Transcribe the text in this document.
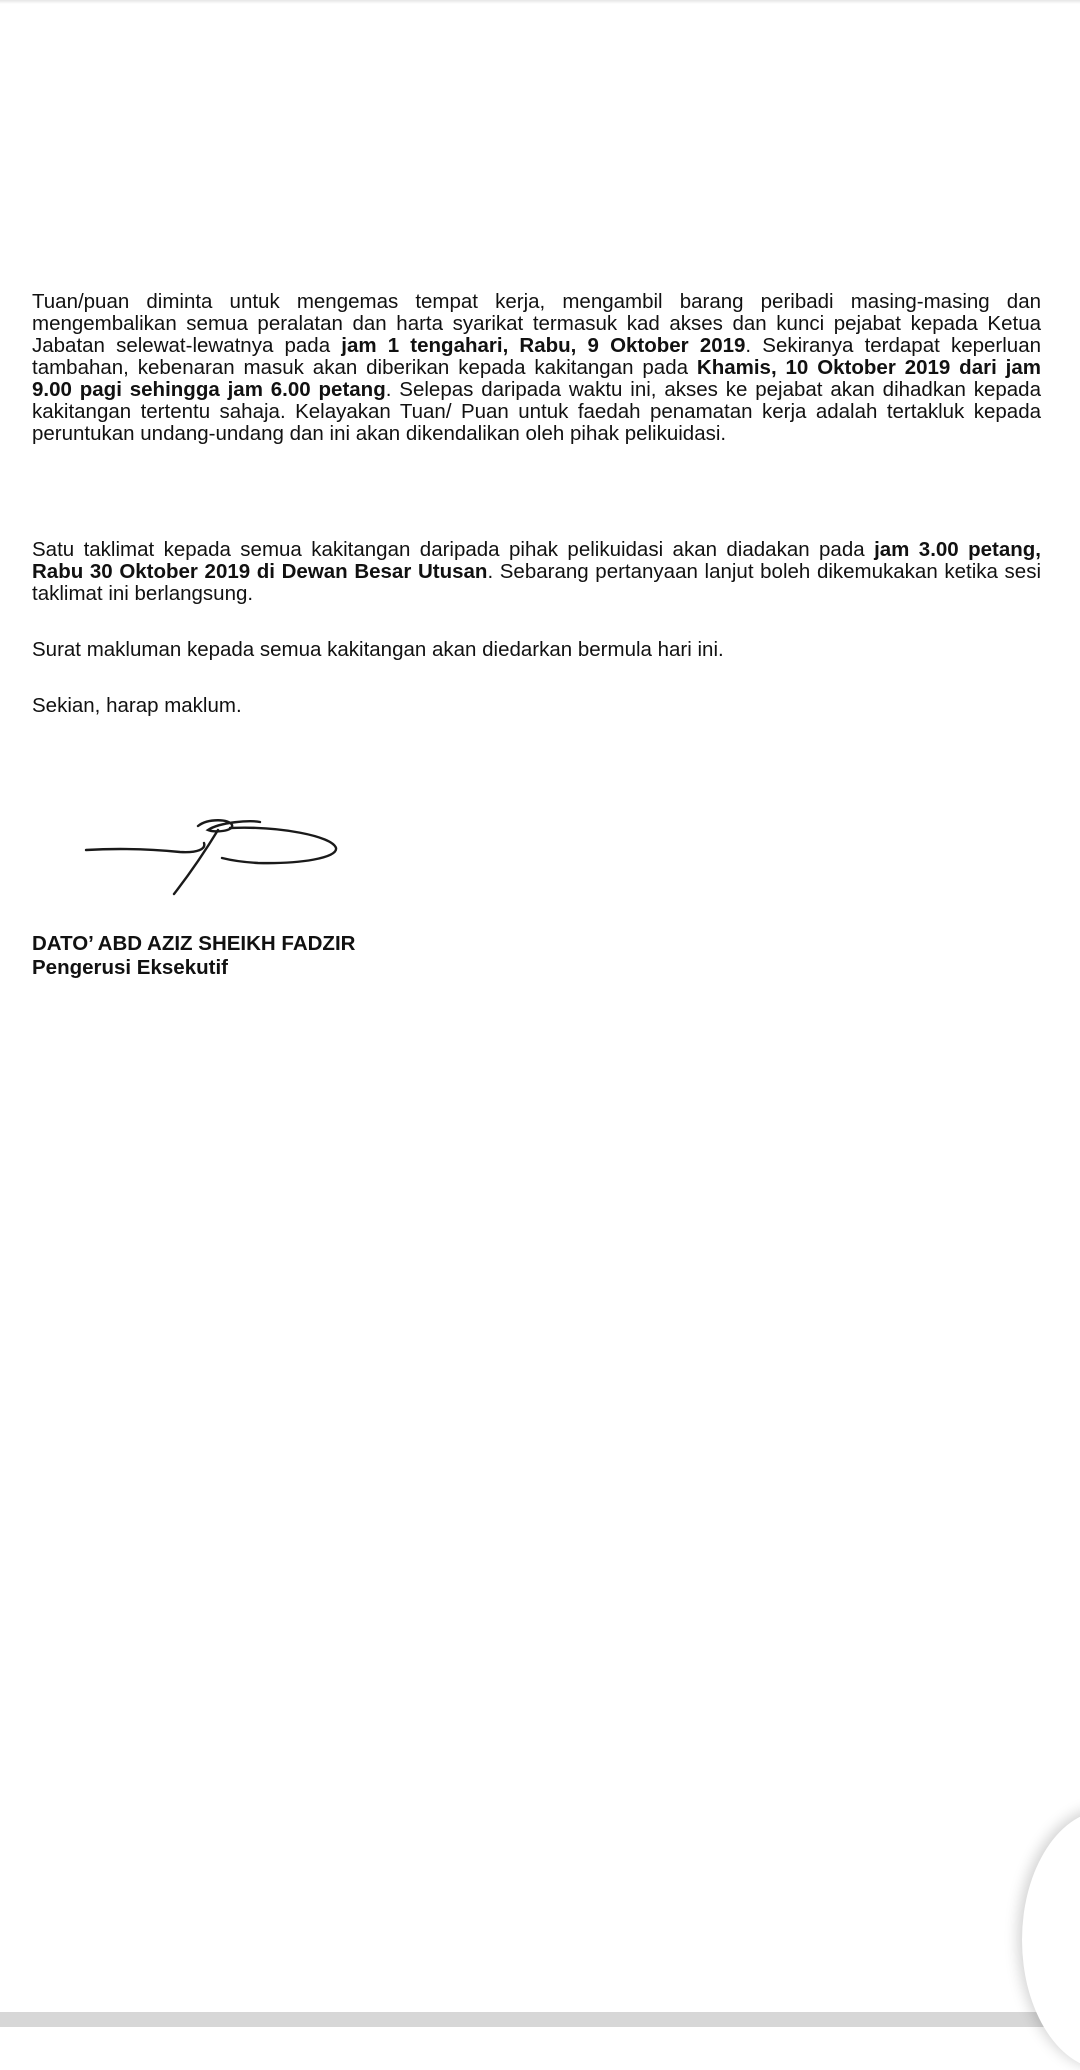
Tuan/puan diminta untuk mengemas tempat kerja, mengambil barang peribadi masing-masing dan mengembalikan semua peralatan dan harta syarikat termasuk kad akses dan kunci pejabat kepada Ketua Jabatan selewat-lewatnya pada jam 1 tengahari, Rabu, 9 Oktober 2019. Sekiranya terdapat keperluan tambahan, kebenaran masuk akan diberikan kepada kakitangan pada Khamis, 10 Oktober 2019 dari jam 9.00 pagi sehingga jam 6.00 petang. Selepas daripada waktu ini, akses ke pejabat akan dihadkan kepada kakitangan tertentu sahaja. Kelayakan Tuan/ Puan untuk faedah penamatan kerja adalah tertakluk kepada peruntukan undang-undang dan ini akan dikendalikan oleh pihak pelikuidasi.

Satu taklimat kepada semua kakitangan daripada pihak pelikuidasi akan diadakan pada jam 3.00 petang, Rabu 30 Oktober 2019 di Dewan Besar Utusan. Sebarang pertanyaan lanjut boleh dikemukakan ketika sesi taklimat ini berlangsung.

Surat makluman kepada semua kakitangan akan diedarkan bermula hari ini.

Sekian, harap maklum.

DATO’ ABD AZIZ SHEIKH FADZIR

Pengerusi Eksekutif
